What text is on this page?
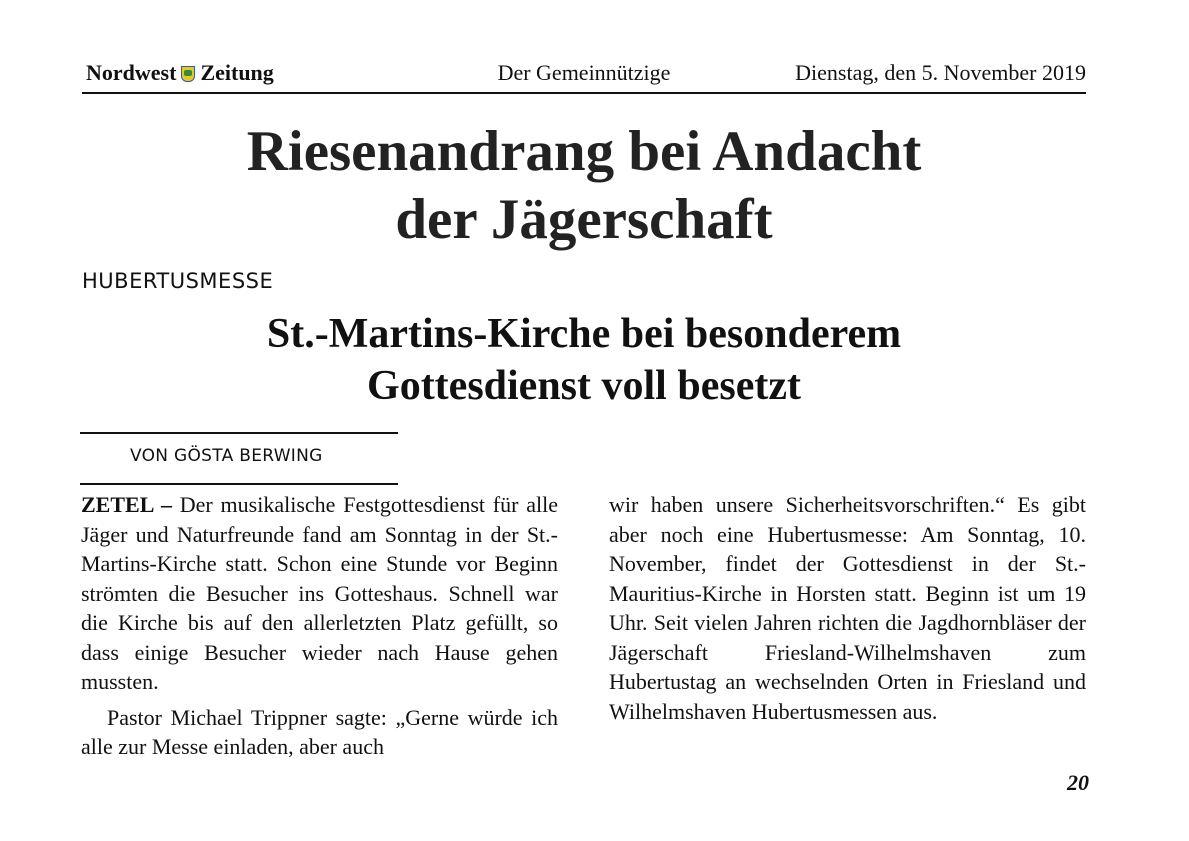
Nordwest Zeitung	Der Gemeinnützige	Dienstag, den 5. November 2019
Riesenandrang bei Andacht
der Jägerschaft
HUBERTUSMESSE
St.-Martins-Kirche bei besonderem
Gottesdienst voll besetzt
VON GÖSTA BERWING

ZETEL – Der musikalische Festgottesdienst für alle Jäger und Naturfreunde fand am Sonntag in der St.-Martins-Kirche statt. Schon eine Stunde vor Beginn strömten die Besucher ins Gotteshaus. Schnell war die Kirche bis auf den allerletzten Platz gefüllt, so dass einige Besucher wieder nach Hause gehen mussten.

Pastor Michael Trippner sagte: „Gerne würde ich alle zur Messe einladen, aber auch

wir haben unsere Sicherheitsvorschriften.“ Es gibt aber noch eine Hubertusmesse: Am Sonntag, 10. November, findet der Gottesdienst in der St.-Mauritius-Kirche in Horsten statt. Beginn ist um 19 Uhr. Seit vielen Jahren richten die Jagdhornbläser der Jägerschaft Friesland-Wilhelmshaven zum Hubertustag an wechselnden Orten in Friesland und Wilhelmshaven Hubertusmessen aus.

20
